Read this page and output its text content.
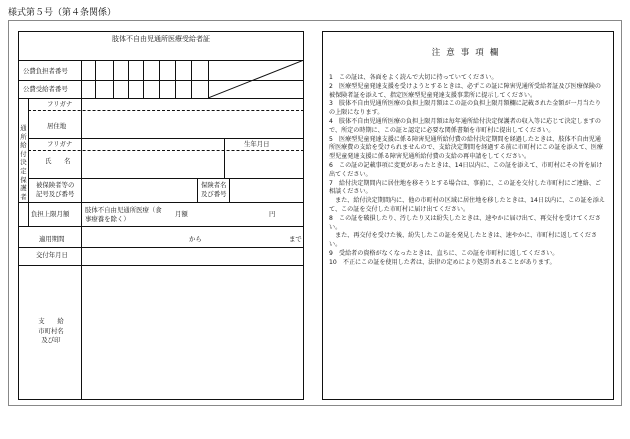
様式第５号（第４条関係）
肢体不自由児通所医療受給者証
公費負担者番号
公費受給者番号
通所給付決定保護者
フリガナ
居住地
フリガナ	生年月日
氏　　名
被保険者等の記号及び番号
保険者名及び番号
負担上限月額 肢体不自由児通所医療（食事療養を除く）
月額	円
適用期間	から	まで
交付年月日
支　　給市町村名及び印
注意事項欄
1　この証は、各面をよく読んで大切に持っていてください。
2　医療型児童発達支援を受けようとするときは、必ずこの証に障害児通所受給者証及び医療保険の被保険者証を添えて、指定医療型児童発達支援事業所に提示してください。
3　肢体不自由児通所医療の負担上限月額はこの証の負担上限月額欄に記載された金額が一月当たりの上限になります。
4　肢体不自由児通所医療の負担上限月額は毎年通所給付決定保護者の収入等に応じて決定しますので、所定の時期に、この証と認定に必要な関係書類を市町村に提出してください。
5　医療型児童発達支援に係る障害児通所給付費の給付決定期間を経過したときは、肢体不自由児通所医療費の支給を受けられませんので、支給決定期間を経過する前に市町村にこの証を添えて、医療型児童発達支援に係る障害児通所給付費の支給の再申請をしてください。
6　この証の記載事項に変更があったときは、14日以内に、この証を添えて、市町村にその旨を届け出てください。
7　給付決定期間内に居住地を移そうとする場合は、事前に、この証を交付した市町村にご連絡、ご相談ください。
　また、給付決定期間内に、他の市町村の区域に居住地を移したときは、14日以内に、この証を添えて、この証を交付した市町村に届け出てください。
8　この証を破損したり、汚したり又は紛失したときは、速やかに届け出て、再交付を受けてください。
　また、再交付を受けた後、紛失したこの証を発見したときは、速やかに、市町村に返してください。
9　受給者の資格がなくなったときは、直ちに、この証を市町村に返してください。
10　不正にこの証を使用した者は、法律の定めにより処罰されることがあります。
